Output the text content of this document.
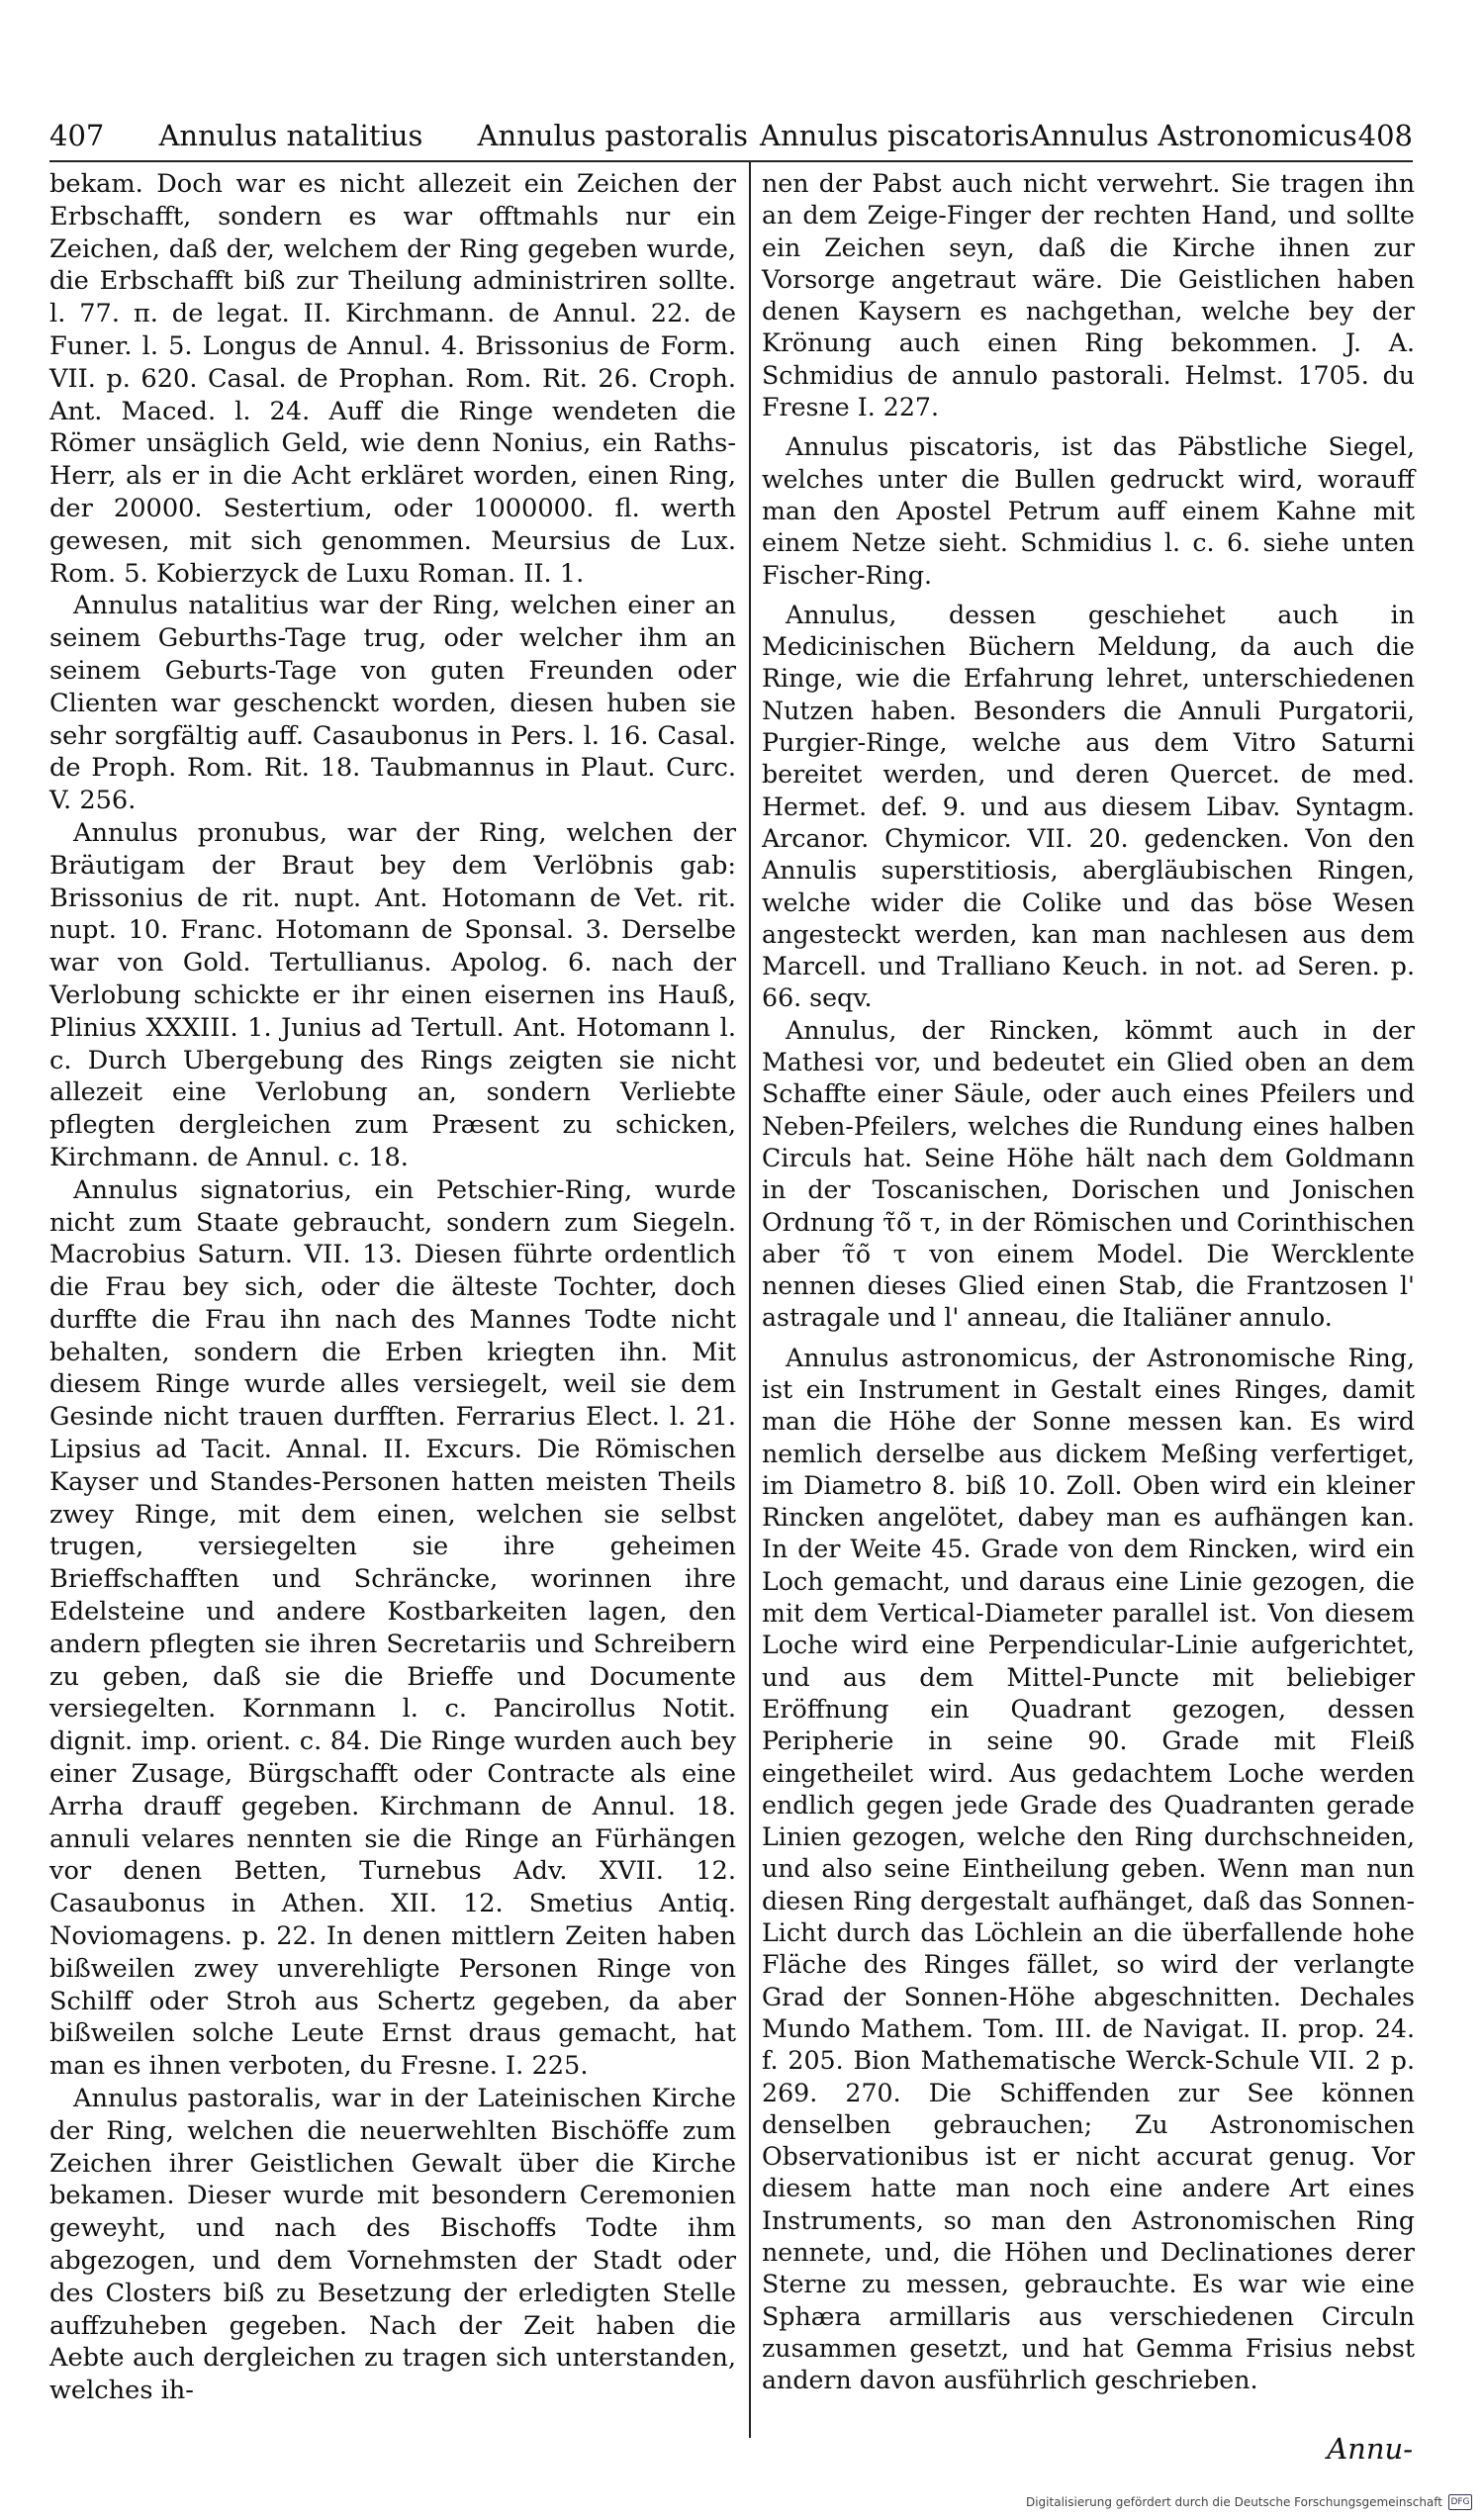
407 Annulus natalitius Annulus pastoralis Annulus piscatoris Annulus Astronomicus 408

bekam. Doch war es nicht allezeit ein Zeichen der Erbschafft, sondern es war offtmahls nur ein Zeichen, daß der, welchem der Ring gegeben wurde, die Erbschafft biß zur Theilung administriren sollte. l. 77. π. de legat. II. Kirchmann. de Annul. 22. de Funer. l. 5. Longus de Annul. 4. Brissonius de Form. VII. p. 620. Casal. de Prophan. Rom. Rit. 26. Croph. Ant. Maced. l. 24. Auff die Ringe wendeten die Römer unsäglich Geld, wie denn Nonius, ein Raths-Herr, als er in die Acht erkläret worden, einen Ring, der 20000. Sestertium, oder 1000000. fl. werth gewesen, mit sich genommen. Meursius de Lux. Rom. 5. Kobierzyck de Luxu Roman. II. 1.

Annulus natalitius war der Ring, welchen einer an seinem Geburths-Tage trug, oder welcher ihm an seinem Geburts-Tage von guten Freunden oder Clienten war geschenckt worden, diesen huben sie sehr sorgfältig auff. Casaubonus in Pers. l. 16. Casal. de Proph. Rom. Rit. 18. Taubmannus in Plaut. Curc. V. 256.

Annulus pronubus, war der Ring, welchen der Bräutigam der Braut bey dem Verlöbnis gab: Brissonius de rit. nupt. Ant. Hotomann de Vet. rit. nupt. 10. Franc. Hotomann de Sponsal. 3. Derselbe war von Gold. Tertullianus. Apolog. 6. nach der Verlobung schickte er ihr einen eisernen ins Hauß, Plinius XXXIII. 1. Junius ad Tertull. Ant. Hotomann l. c. Durch Ubergebung des Rings zeigten sie nicht allezeit eine Verlobung an, sondern Verliebte pflegten dergleichen zum Præsent zu schicken, Kirchmann. de Annul. c. 18.

Annulus signatorius, ein Petschier-Ring, wurde nicht zum Staate gebraucht, sondern zum Siegeln. Macrobius Saturn. VII. 13. Diesen führte ordentlich die Frau bey sich, oder die älteste Tochter, doch durffte die Frau ihn nach des Mannes Todte nicht behalten, sondern die Erben kriegten ihn. Mit diesem Ringe wurde alles versiegelt, weil sie dem Gesinde nicht trauen durfften. Ferrarius Elect. l. 21. Lipsius ad Tacit. Annal. II. Excurs. Die Römischen Kayser und Standes-Personen hatten meisten Theils zwey Ringe, mit dem einen, welchen sie selbst trugen, versiegelten sie ihre geheimen Brieffschafften und Schräncke, worinnen ihre Edelsteine und andere Kostbarkeiten lagen, den andern pflegten sie ihren Secretariis und Schreibern zu geben, daß sie die Brieffe und Documente versiegelten. Kornmann l. c. Pancirollus Notit. dignit. imp. orient. c. 84. Die Ringe wurden auch bey einer Zusage, Bürgschafft oder Contracte als eine Arrha drauff gegeben. Kirchmann de Annul. 18. annuli velares nennten sie die Ringe an Fürhängen vor denen Betten, Turnebus Adv. XVII. 12. Casaubonus in Athen. XII. 12. Smetius Antiq. Noviomagens. p. 22. In denen mittlern Zeiten haben bißweilen zwey unverehligte Personen Ringe von Schilff oder Stroh aus Schertz gegeben, da aber bißweilen solche Leute Ernst draus gemacht, hat man es ihnen verboten, du Fresne. I. 225.

Annulus pastoralis, war in der Lateinischen Kirche der Ring, welchen die neuerwehlten Bischöffe zum Zeichen ihrer Geistlichen Gewalt über die Kirche bekamen. Dieser wurde mit besondern Ceremonien geweyht, und nach des Bischoffs Todte ihm abgezogen, und dem Vornehmsten der Stadt oder des Closters biß zu Besetzung der erledigten Stelle auffzuheben gegeben. Nach der Zeit haben die Aebte auch dergleichen zu tragen sich unterstanden, welches ih-

nen der Pabst auch nicht verwehrt. Sie tragen ihn an dem Zeige-Finger der rechten Hand, und sollte ein Zeichen seyn, daß die Kirche ihnen zur Vorsorge angetraut wäre. Die Geistlichen haben denen Kaysern es nachgethan, welche bey der Krönung auch einen Ring bekommen. J. A. Schmidius de annulo pastorali. Helmst. 1705. du Fresne I. 227.

Annulus piscatoris, ist das Päbstliche Siegel, welches unter die Bullen gedruckt wird, worauff man den Apostel Petrum auff einem Kahne mit einem Netze sieht. Schmidius l. c. 6. siehe unten Fischer-Ring.

Annulus, dessen geschiehet auch in Medicinischen Büchern Meldung, da auch die Ringe, wie die Erfahrung lehret, unterschiedenen Nutzen haben. Besonders die Annuli Purgatorii, Purgier-Ringe, welche aus dem Vitro Saturni bereitet werden, und deren Quercet. de med. Hermet. def. 9. und aus diesem Libav. Syntagm. Arcanor. Chymicor. VII. 20. gedencken. Von den Annulis superstitiosis, abergläubischen Ringen, welche wider die Colike und das böse Wesen angesteckt werden, kan man nachlesen aus dem Marcell. und Tralliano Keuch. in not. ad Seren. p. 66. seqv.

Annulus, der Rincken, kömmt auch in der Mathesi vor, und bedeutet ein Glied oben an dem Schaffte einer Säule, oder auch eines Pfeilers und Neben-Pfeilers, welches die Rundung eines halben Circuls hat. Seine Höhe hält nach dem Goldmann in der Toscanischen, Dorischen und Jonischen Ordnung τ̃ο̃ τ, in der Römischen und Corinthischen aber τ̃ο̃ τ von einem Model. Die Wercklente nennen dieses Glied einen Stab, die Frantzosen l' astragale und l' anneau, die Italiäner annulo.

Annulus astronomicus, der Astronomische Ring, ist ein Instrument in Gestalt eines Ringes, damit man die Höhe der Sonne messen kan. Es wird nemlich derselbe aus dickem Meßing verfertiget, im Diametro 8. biß 10. Zoll. Oben wird ein kleiner Rincken angelötet, dabey man es aufhängen kan. In der Weite 45. Grade von dem Rincken, wird ein Loch gemacht, und daraus eine Linie gezogen, die mit dem Vertical-Diameter parallel ist. Von diesem Loche wird eine Perpendicular-Linie aufgerichtet, und aus dem Mittel-Puncte mit beliebiger Eröffnung ein Quadrant gezogen, dessen Peripherie in seine 90. Grade mit Fleiß eingetheilet wird. Aus gedachtem Loche werden endlich gegen jede Grade des Quadranten gerade Linien gezogen, welche den Ring durchschneiden, und also seine Eintheilung geben. Wenn man nun diesen Ring dergestalt aufhänget, daß das Sonnen-Licht durch das Löchlein an die überfallende hohe Fläche des Ringes fället, so wird der verlangte Grad der Sonnen-Höhe abgeschnitten. Dechales Mundo Mathem. Tom. III. de Navigat. II. prop. 24. f. 205. Bion Mathematische Werck-Schule VII. 2 p. 269. 270. Die Schiffenden zur See können denselben gebrauchen; Zu Astronomischen Observationibus ist er nicht accurat genug. Vor diesem hatte man noch eine andere Art eines Instruments, so man den Astronomischen Ring nennete, und, die Höhen und Declinationes derer Sterne zu messen, gebrauchte. Es war wie eine Sphæra armillaris aus verschiedenen Circuln zusammen gesetzt, und hat Gemma Frisius nebst andern davon ausführlich geschrieben.

Annu-
Digitalisierung gefördert durch die Deutsche Forschungsgemeinschaft DFG
